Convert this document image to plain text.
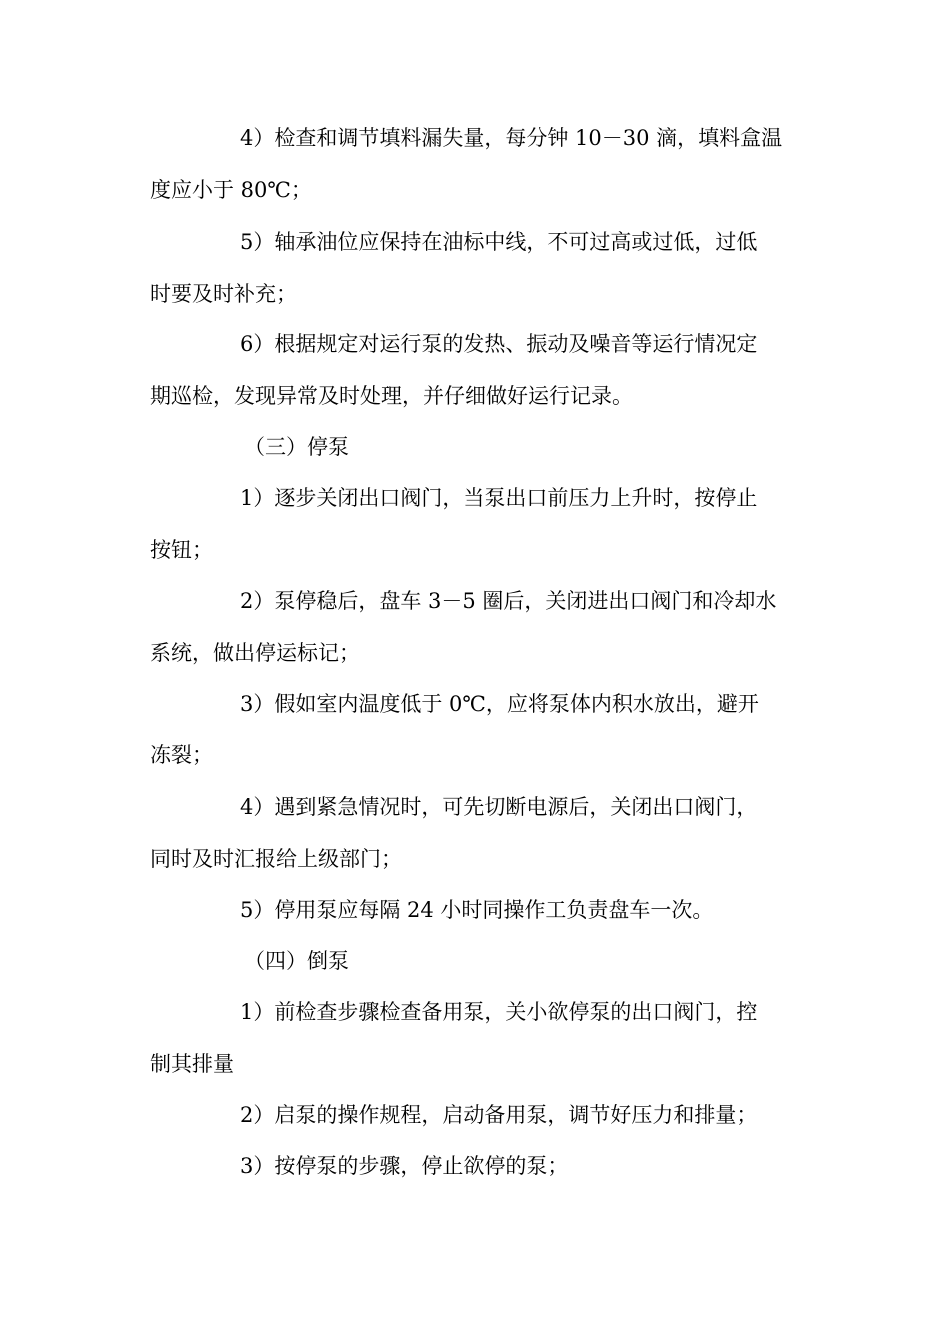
4）检查和调节填料漏失量，每分钟 10－30 滴，填料盒温
度应小于 80℃；
5）轴承油位应保持在油标中线，不可过高或过低，过低
时要及时补充；
6）根据规定对运行泵的发热、振动及噪音等运行情况定
期巡检，发现异常及时处理，并仔细做好运行记录。
（三）停泵
1）逐步关闭出口阀门，当泵出口前压力上升时，按停止
按钮；
2）泵停稳后，盘车 3－5 圈后，关闭进出口阀门和冷却水
系统，做出停运标记；
3）假如室内温度低于 0℃，应将泵体内积水放出，避开
冻裂；
4）遇到紧急情况时，可先切断电源后，关闭出口阀门，
同时及时汇报给上级部门；
5）停用泵应每隔 24 小时同操作工负责盘车一次。
（四）倒泵
1）前检查步骤检查备用泵，关小欲停泵的出口阀门，控
制其排量
2）启泵的操作规程，启动备用泵，调节好压力和排量；
3）按停泵的步骤，停止欲停的泵；
